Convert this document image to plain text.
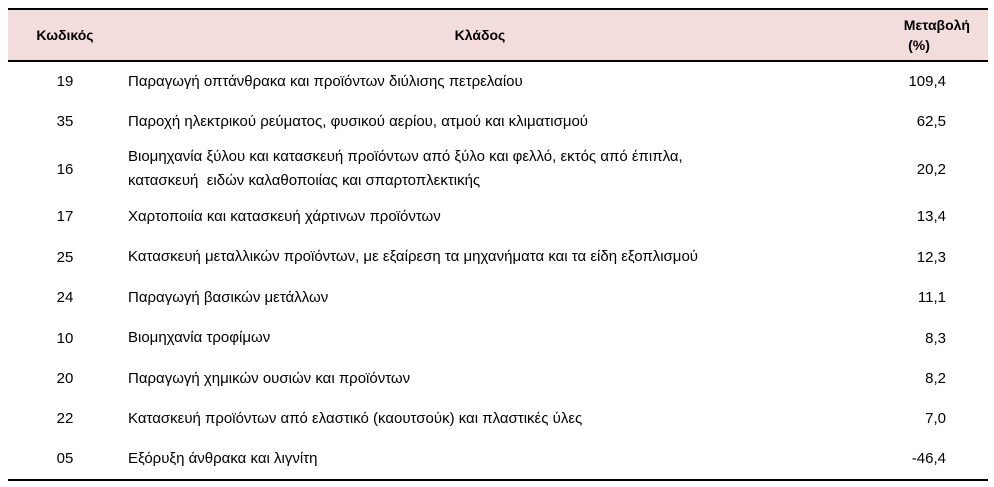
Κωδικός	Κλάδος	Μεταβολή
(%)

19	Παραγωγή οπτάνθρακα και προϊόντων διύλισης πετρελαίου	109,4
35	Παροχή ηλεκτρικού ρεύματος, φυσικού αερίου, ατμού και κλιματισμού	62,5
16	Βιομηχανία ξύλου και κατασκευή προϊόντων από ξύλο και φελλό, εκτός από έπιπλα,
κατασκευή  ειδών καλαθοποιίας και σπαρτοπλεκτικής	20,2
17	Χαρτοποιία και κατασκευή χάρτινων προϊόντων	13,4
25	Κατασκευή μεταλλικών προϊόντων, με εξαίρεση τα μηχανήματα και τα είδη εξοπλισμού	12,3
24	Παραγωγή βασικών μετάλλων	11,1
10	Βιομηχανία τροφίμων	8,3
20	Παραγωγή χημικών ουσιών και προϊόντων	8,2
22	Κατασκευή προϊόντων από ελαστικό (καουτσούκ) και πλαστικές ύλες	7,0
05	Εξόρυξη άνθρακα και λιγνίτη	-46,4
